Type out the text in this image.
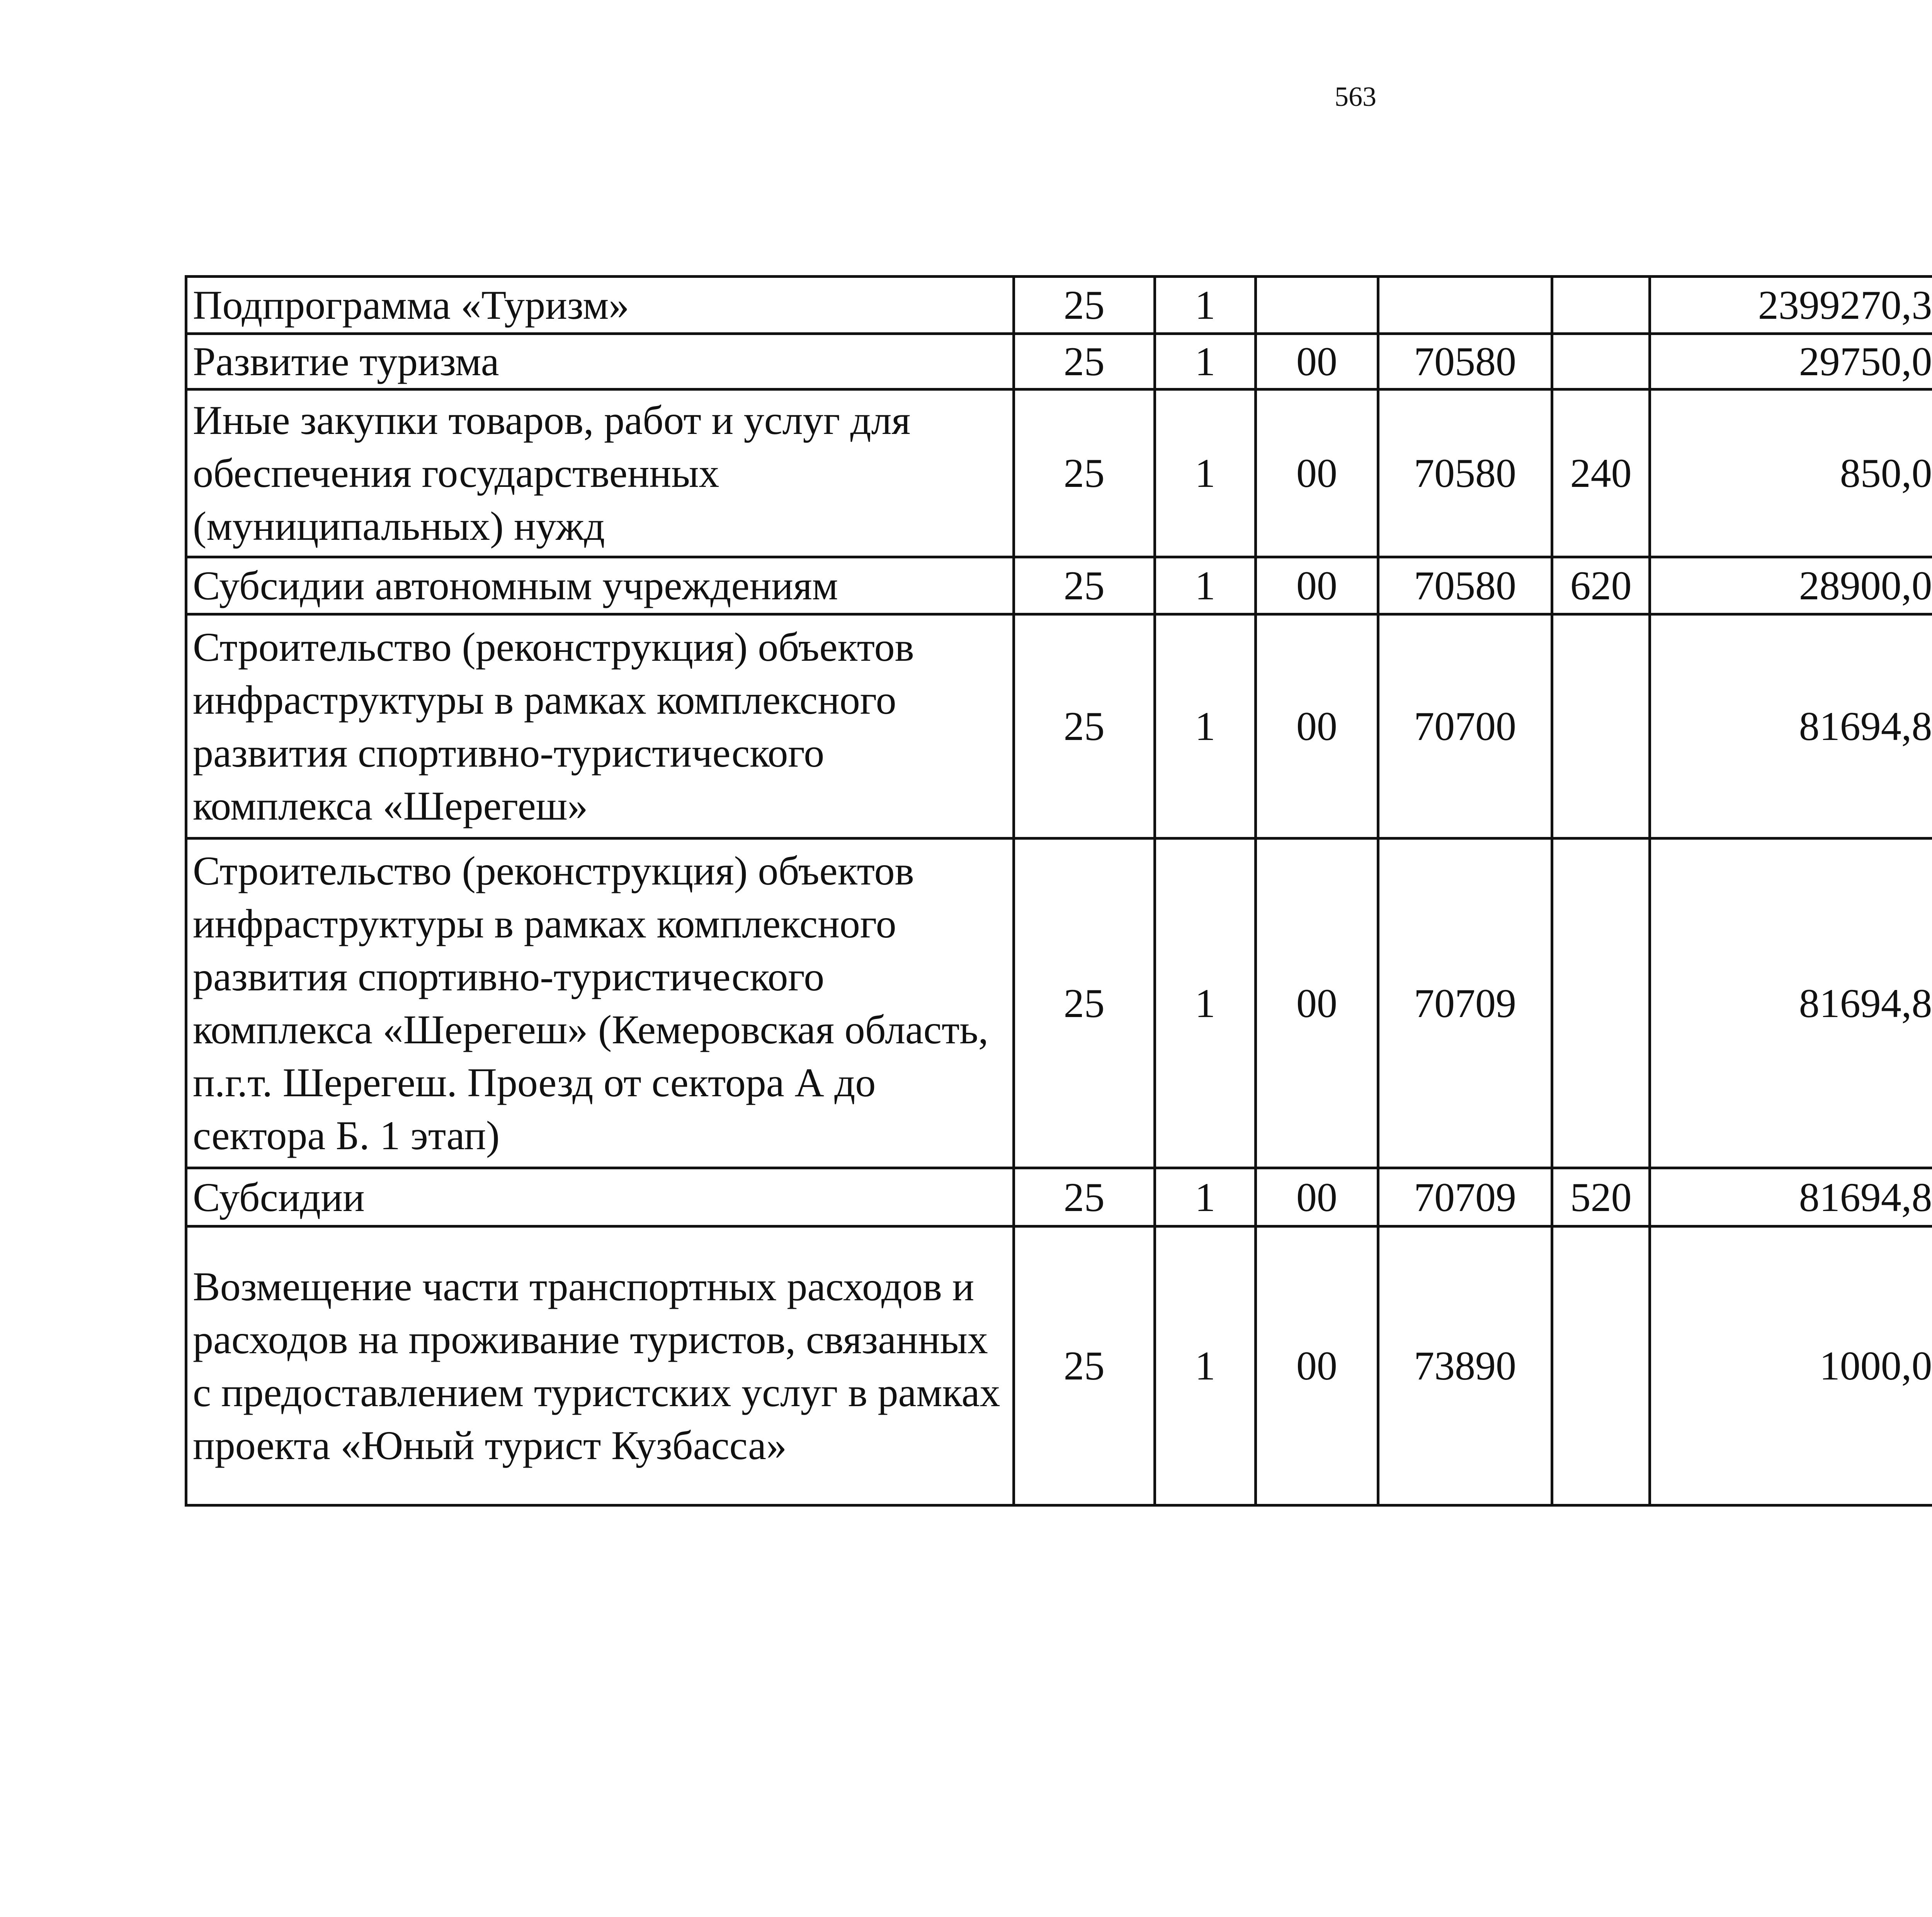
563
Подпрограмма «Туризм»	25	1				2399270,3		
Развитие туризма	25	1	00	70580		29750,0		
Иные закупки товаров, работ и услуг для обеспечения государственных (муниципальных) нужд	25	1	00	70580	240	850,0		
Субсидии автономным учреждениям	25	1	00	70580	620	28900,0		
Строительство (реконструкция) объектов инфраструктуры в рамках комплексного развития спортивно-туристического комплекса «Шерегеш»	25	1	00	70700		81694,8		
Строительство (реконструкция) объектов инфраструктуры в рамках комплексного развития спортивно-туристического комплекса «Шерегеш» (Кемеровская область, п.г.т. Шерегеш. Проезд от сектора А до сектора Б. 1 этап)	25	1	00	70709		81694,8		
Субсидии	25	1	00	70709	520	81694,8		
Возмещение части транспортных расходов и расходов на проживание туристов, связанных с предоставлением туристских услуг в рамках проекта «Юный турист Кузбасса»	25	1	00	73890		1000,0		
